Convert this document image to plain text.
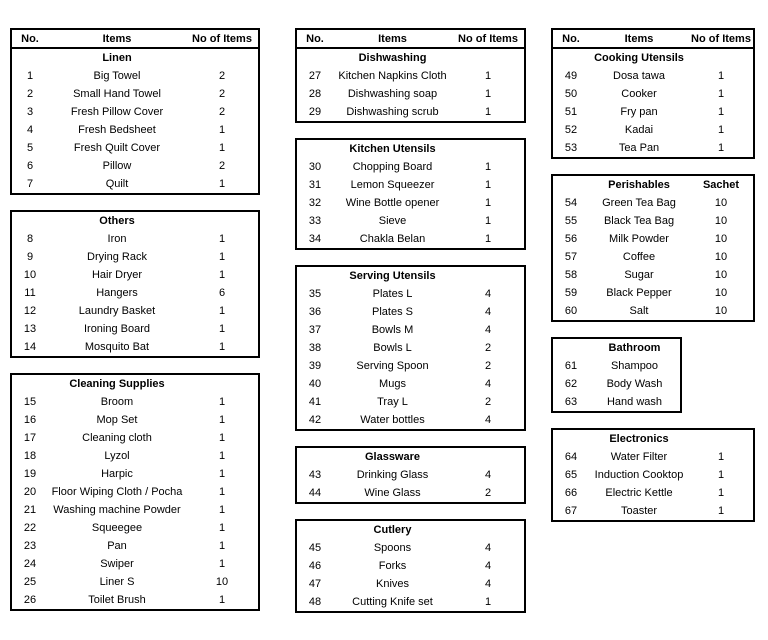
No.	Items	No of Items
Linen
1	Big Towel	2
2	Small Hand Towel	2
3	Fresh Pillow Cover	2
4	Fresh Bedsheet	1
5	Fresh Quilt Cover	1
6	Pillow	2
7	Quilt	1
Others
8	Iron	1
9	Drying Rack	1
10	Hair Dryer	1
11	Hangers	6
12	Laundry Basket	1
13	Ironing Board	1
14	Mosquito Bat	1
Cleaning Supplies
15	Broom	1
16	Mop Set	1
17	Cleaning cloth	1
18	Lyzol	1
19	Harpic	1
20	Floor Wiping Cloth / Pocha	1
21	Washing machine Powder	1
22	Squeegee	1
23	Pan	1
24	Swiper	1
25	Liner S	10
26	Toilet Brush	1
No.	Items	No of Items
Dishwashing
27	Kitchen Napkins Cloth	1
28	Dishwashing soap	1
29	Dishwashing scrub	1
Kitchen Utensils
30	Chopping Board	1
31	Lemon Squeezer	1
32	Wine Bottle opener	1
33	Sieve	1
34	Chakla Belan	1
Serving Utensils
35	Plates L	4
36	Plates S	4
37	Bowls M	4
38	Bowls L	2
39	Serving Spoon	2
40	Mugs	4
41	Tray L	2
42	Water bottles	4
Glassware
43	Drinking Glass	4
44	Wine Glass	2
Cutlery
45	Spoons	4
46	Forks	4
47	Knives	4
48	Cutting Knife set	1
No.	Items	No of Items
Cooking Utensils
49	Dosa tawa	1
50	Cooker	1
51	Fry pan	1
52	Kadai	1
53	Tea Pan	1
Perishables	Sachet
54	Green Tea Bag	10
55	Black Tea Bag	10
56	Milk Powder	10
57	Coffee	10
58	Sugar	10
59	Black Pepper	10
60	Salt	10
Bathroom
61	Shampoo
62	Body Wash
63	Hand wash
Electronics
64	Water Filter	1
65	Induction Cooktop	1
66	Electric Kettle	1
67	Toaster	1
